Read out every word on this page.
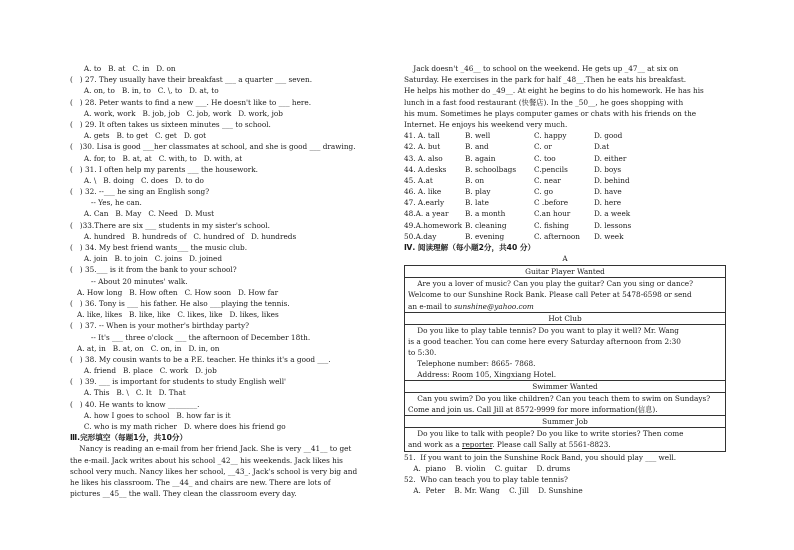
A. to   B. at   C. in   D. on
(   ) 27. They usually have their breakfast ___ a quarter ___ seven.
A. on, to   B. in, to   C. \, to   D. at, to
(   ) 28. Peter wants to find a new ___. He doesn't like to ___ here.
A. work, work   B. job, job   C. job, work   D. work, job
(   ) 29. It often takes us sixteen minutes ___ to school.
A. gets   B. to get   C. get   D. got
(   )30. Lisa is good ___her classmates at school, and she is good ___ drawing.
A. for, to   B. at, at   C. with, to   D. with, at
(   ) 31. I often help my parents ___ the housework.
A. \   B. doing   C. does   D. to do
(   ) 32. --___ he sing an English song?
-- Yes, he can.
A. Can   B. May   C. Need   D. Must
(   )33.There are six ___ students in my sister's school.
A. hundred   B. hundreds of   C. hundred of   D. hundreds
(   ) 34. My best friend wants___ the music club.
A. join   B. to join   C. joins   D. joined
(   ) 35.___ is it from the bank to your school?
-- About 20 minutes' walk.
A. How long   B. How often   C. How soon   D. How far
(   ) 36. Tony is ___ his father. He also ___playing the tennis.
A. like, likes   B. like, like   C. likes, like   D. likes, likes
(   ) 37. -- When is your mother's birthday party?
-- It's ___ three o'clock ___ the afternoon of December 18th.
A. at, in   B. at, on   C. on, in   D. in, on
(   ) 38. My cousin wants to be a P.E. teacher. He thinks it's a good ___.
A. friend   B. place   C. work   D. job
(   ) 39. ___ is important for students to study English well'
A. This   B. \   C. It   D. That
(   ) 40. He wants to know ________.
A. how I goes to school   B. how far is it
C. who is my math richer   D. where does his friend go
Ⅲ.完形填空（每题1分，共10分）
Nancy is reading an e-mail from her friend Jack. She is very __41__ to get
the e-mail. Jack writes about his school _42__ his weekends. Jack likes his
school very much. Nancy likes her school, __43_. Jack's school is very big and
he likes his classroom. The __44_ and chairs are new. There are lots of
pictures __45__ the wall. They clean the classroom every day.
Jack doesn't _46__ to school on the weekend. He gets up _47__ at six on
Saturday. He exercises in the park for half _48__.Then he eats his breakfast.
He helps his mother do _49__. At eight he begins to do his homework. He has his
lunch in a fast food restaurant (快餐店). In the _50__, he goes shopping with
his mum. Sometimes he plays computer games or chats with his friends on the
Internet. He enjoys his weekend very much.
41. A. tall	B. well	C. happy	D. good
42. A. but	B. and	C. or	D.at
43. A. also	B. again	C. too	D. either
44. A.desks	B. schoolbags C.pencils	D. boys
45. A.at	B. on	C. near	D. behind
46. A. like	B. play	C. go	D. have
47. A.early	B. late	C .before	D. here
48.A. a year B. a month	C.an hour	D. a week
49.A.homework B. cleaning	C. fishing	D. lessons
50.A.day	B. evening	C. afternoon D. week
Ⅳ. 阅读理解（每小题2分，共40 分）
A
Guitar Player Wanted
Are you a lover of music? Can you play the guitar? Can you sing or dance?
Welcome to our Sunshine Rock Bank. Please call Peter at 5478-6598 or send
an e-mail to sunshine@yahoo.com
Hot Club
Do you like to play table tennis? Do you want to play it well? Mr. Wang
is a good teacher. You can come here every Saturday afternoon from 2:30
to 5:30.
Telephone number: 8665- 7868.
Address: Room 105, Xingxiang Hotel.
Swimmer Wanted
Can you swim? Do you like children? Can you teach them to swim on Sundays?
Come and join us. Call Jill at 8572-9999 for more information(信息).
Summer Job
Do you like to talk with people? Do you like to write stories? Then come
and work as a reporter. Please call Sally at 5561-8823.
51.  If you want to join the Sunshine Rock Band, you should play ___ well.
A.  piano    B. violin    C. guitar    D. drums
52.  Who can teach you to play table tennis?
A.  Peter    B. Mr. Wang    C. Jill    D. Sunshine
